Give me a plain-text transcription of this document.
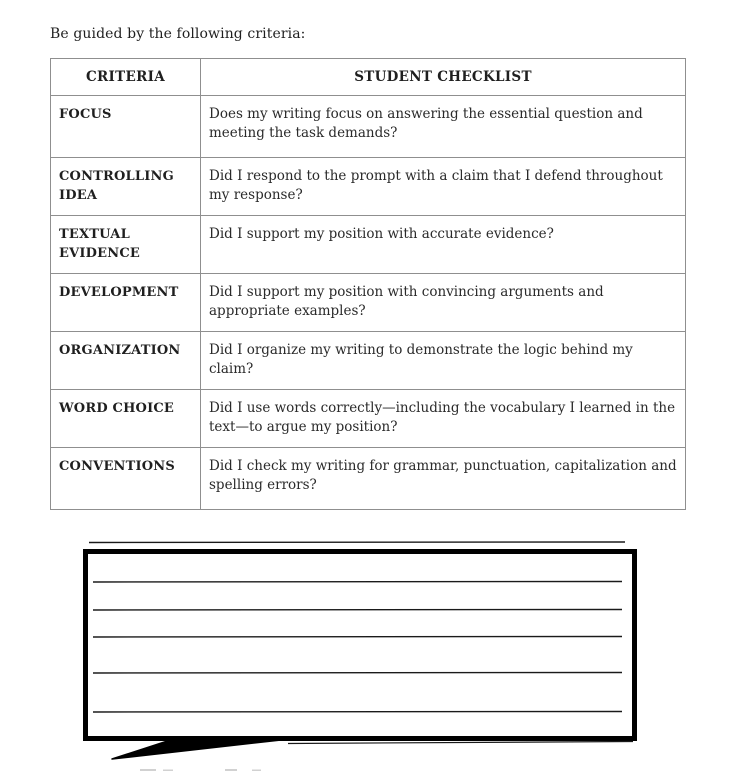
Be guided by the following criteria:
CRITERIA	STUDENT CHECKLIST
FOCUS	Does my writing focus on answering the essential question and meeting the task demands?
CONTROLLING IDEA	Did I respond to the prompt with a claim that I defend throughout my response?
TEXTUAL EVIDENCE	Did I support my position with accurate evidence?
DEVELOPMENT	Did I support my position with convincing arguments and appropriate examples?
ORGANIZATION	Did I organize my writing to demonstrate the logic behind my claim?
WORD CHOICE	Did I use words correctly—including the vocabulary I learned in the text—to argue my position?
CONVENTIONS	Did I check my writing for grammar, punctuation, capitalization and spelling errors?
